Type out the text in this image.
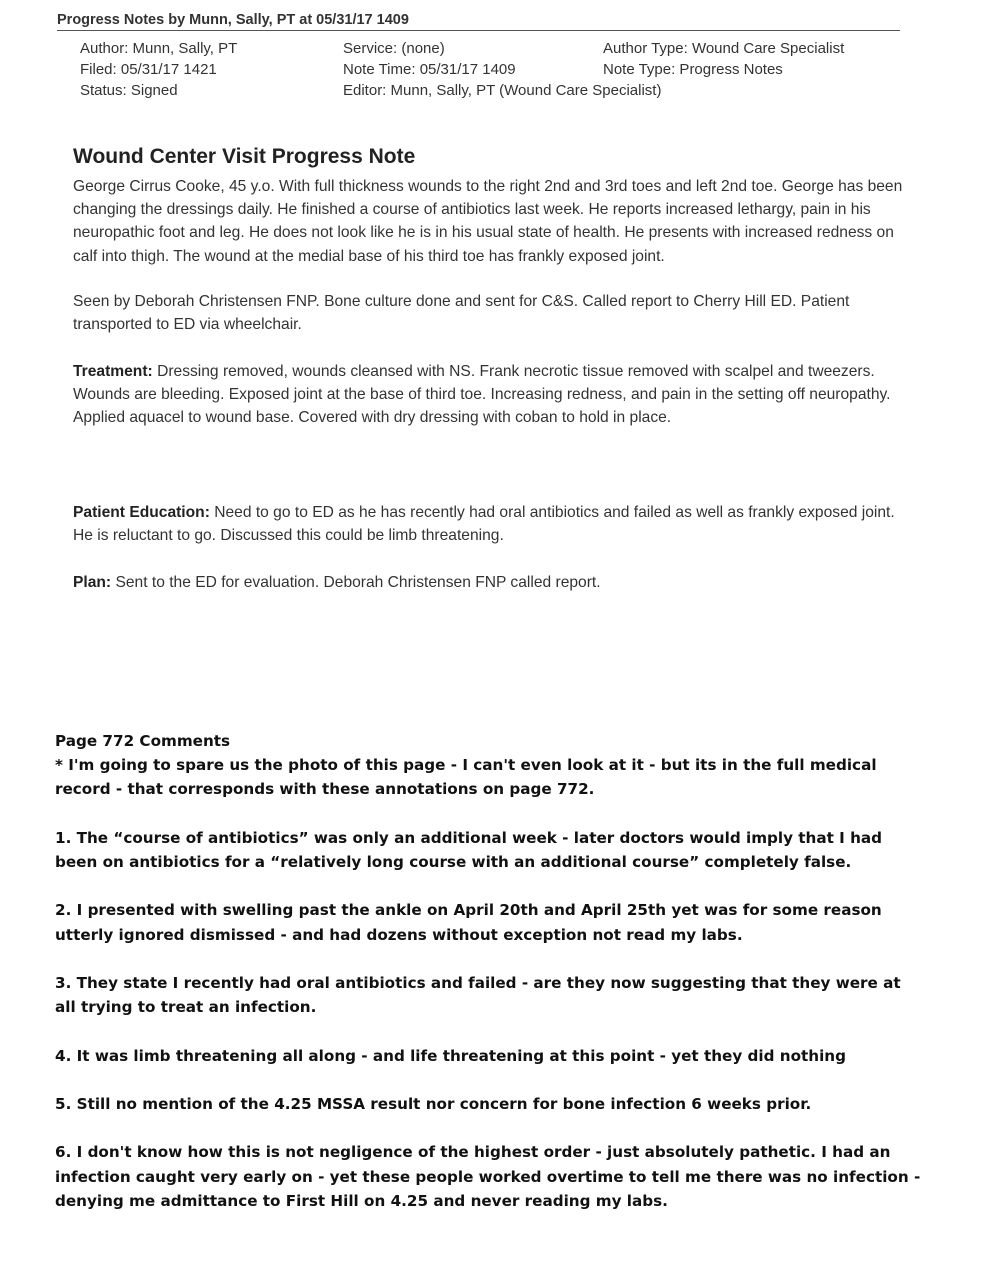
Progress Notes by Munn, Sally, PT at 05/31/17 1409
Author: Munn, Sally, PT
Filed: 05/31/17 1421
Status: Signed
Service: (none)
Note Time: 05/31/17 1409
Editor: Munn, Sally, PT (Wound Care Specialist)
Author Type: Wound Care Specialist
Note Type: Progress Notes
Wound Center Visit Progress Note

George Cirrus Cooke, 45 y.o. With full thickness wounds to the right 2nd and 3rd toes and left 2nd toe. George has been changing the dressings daily. He finished a course of antibiotics last week. He reports increased lethargy, pain in his neuropathic foot and leg. He does not look like he is in his usual state of health. He presents with increased redness on calf into thigh. The wound at the medial base of his third toe has frankly exposed joint.

Seen by Deborah Christensen FNP. Bone culture done and sent for C&S. Called report to Cherry Hill ED. Patient transported to ED via wheelchair.

Treatment: Dressing removed, wounds cleansed with NS. Frank necrotic tissue removed with scalpel and tweezers. Wounds are bleeding. Exposed joint at the base of third toe. Increasing redness, and pain in the setting off neuropathy. Applied aquacel to wound base. Covered with dry dressing with coban to hold in place.

Patient Education: Need to go to ED as he has recently had oral antibiotics and failed as well as frankly exposed joint. He is reluctant to go. Discussed this could be limb threatening.

Plan: Sent to the ED for evaluation. Deborah Christensen FNP called report.

Page 772 Comments

* I'm going to spare us the photo of this page - I can't even look at it - but its in the full medical record - that corresponds with these annotations on page 772.

1. The “course of antibiotics” was only an additional week - later doctors would imply that I had been on antibiotics for a “relatively long course with an additional course” completely false.

2. I presented with swelling past the ankle on April 20th and April 25th yet was for some reason utterly ignored dismissed - and had dozens without exception not read my labs.

3. They state I recently had oral antibiotics and failed - are they now suggesting that they were at all trying to treat an infection.

4. It was limb threatening all along - and life threatening at this point - yet they did nothing

5. Still no mention of the 4.25 MSSA result nor concern for bone infection 6 weeks prior.

6. I don't know how this is not negligence of the highest order - just absolutely pathetic. I had an infection caught very early on - yet these people worked overtime to tell me there was no infection - denying me admittance to First Hill on 4.25 and never reading my labs.
